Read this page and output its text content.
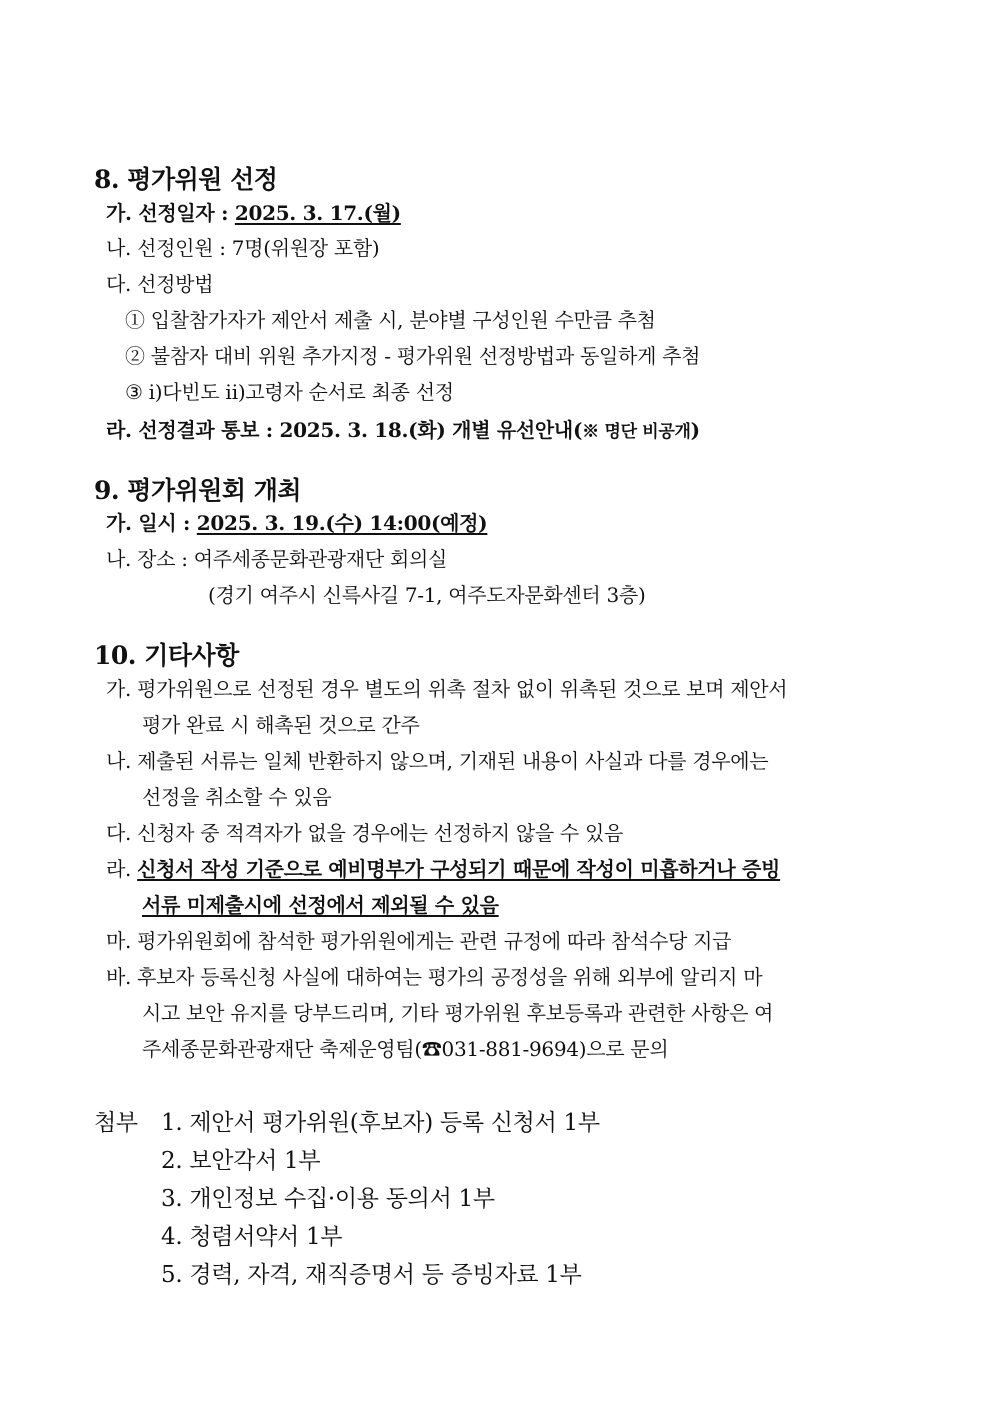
8. 평가위원 선정
가. 선정일자 : 2025. 3. 17.(월)
나. 선정인원 : 7명(위원장 포함)
다. 선정방법
① 입찰참가자가 제안서 제출 시, 분야별 구성인원 수만큼 추첨
② 불참자 대비 위원 추가지정 - 평가위원 선정방법과 동일하게 추첨
③ ⅰ)다빈도 ⅱ)고령자 순서로 최종 선정
라. 선정결과 통보 : 2025. 3. 18.(화) 개별 유선안내(※ 명단 비공개)
9. 평가위원회 개최
가. 일시 : 2025. 3. 19.(수) 14:00(예정)
나. 장소 : 여주세종문화관광재단 회의실
(경기 여주시 신륵사길 7-1, 여주도자문화센터 3층)
10. 기타사항
가. 평가위원으로 선정된 경우 별도의 위촉 절차 없이 위촉된 것으로 보며 제안서
평가 완료 시 해촉된 것으로 간주
나. 제출된 서류는 일체 반환하지 않으며, 기재된 내용이 사실과 다를 경우에는
선정을 취소할 수 있음
다. 신청자 중 적격자가 없을 경우에는 선정하지 않을 수 있음
라. 신청서 작성 기준으로 예비명부가 구성되기 때문에 작성이 미흡하거나 증빙
서류 미제출시에 선정에서 제외될 수 있음
마. 평가위원회에 참석한 평가위원에게는 관련 규정에 따라 참석수당 지급
바. 후보자 등록신청 사실에 대하여는 평가의 공정성을 위해 외부에 알리지 마
시고 보안 유지를 당부드리며, 기타 평가위원 후보등록과 관련한 사항은 여
주세종문화관광재단 축제운영팀(☎031-881-9694)으로 문의
첨부 1. 제안서 평가위원(후보자) 등록 신청서 1부
2. 보안각서 1부
3. 개인정보 수집·이용 동의서 1부
4. 청렴서약서 1부
5. 경력, 자격, 재직증명서 등 증빙자료 1부
